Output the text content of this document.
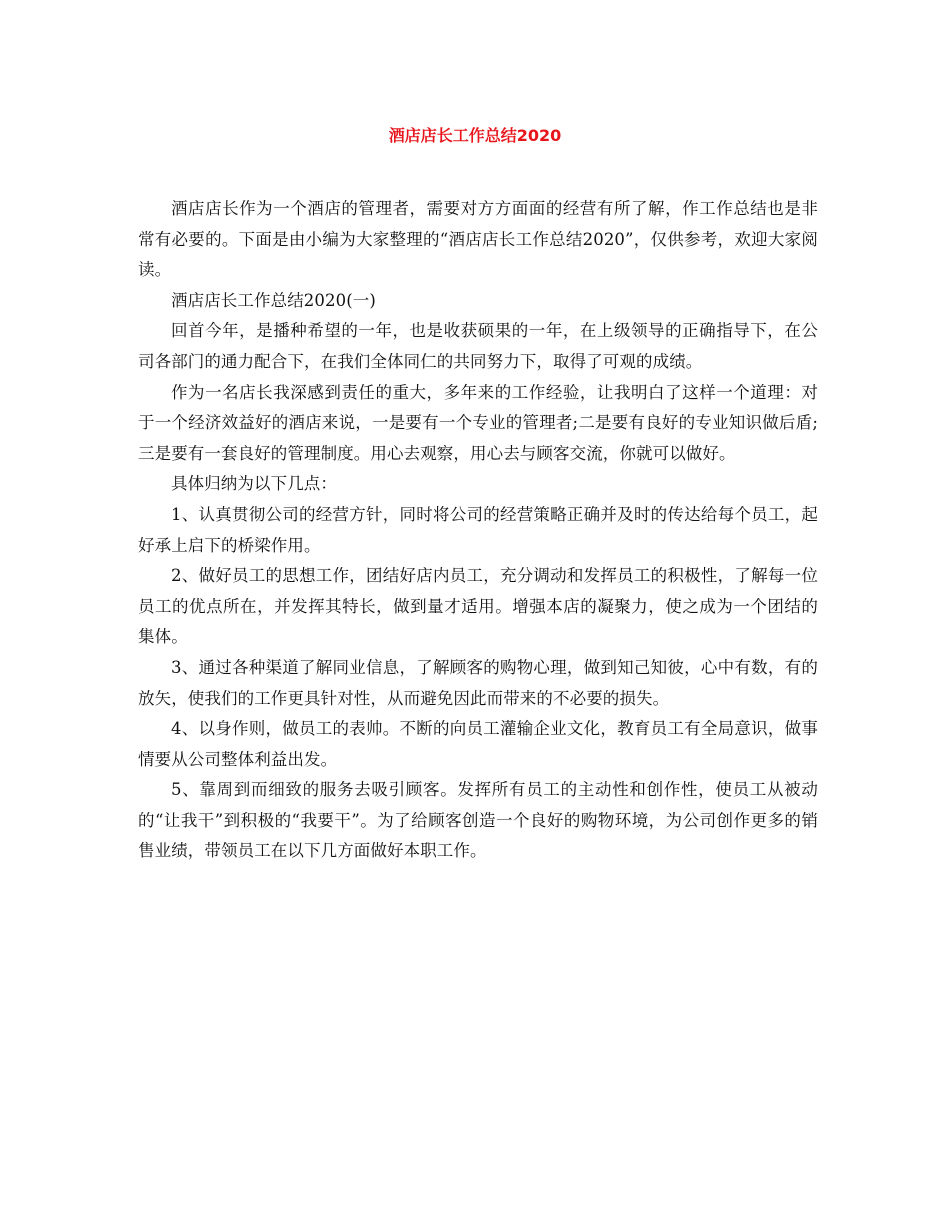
酒店店长工作总结2020

酒店店长作为一个酒店的管理者，需要对方方面面的经营有所了解，作工作总结也是非常有必要的。下面是由小编为大家整理的“酒店店长工作总结2020”，仅供参考，欢迎大家阅读。

酒店店长工作总结2020(一)

回首今年，是播种希望的一年，也是收获硕果的一年，在上级领导的正确指导下，在公司各部门的通力配合下，在我们全体同仁的共同努力下，取得了可观的成绩。

作为一名店长我深感到责任的重大，多年来的工作经验，让我明白了这样一个道理：对于一个经济效益好的酒店来说，一是要有一个专业的管理者;二是要有良好的专业知识做后盾;三是要有一套良好的管理制度。用心去观察，用心去与顾客交流，你就可以做好。

具体归纳为以下几点：

1、认真贯彻公司的经营方针，同时将公司的经营策略正确并及时的传达给每个员工，起好承上启下的桥梁作用。

2、做好员工的思想工作，团结好店内员工，充分调动和发挥员工的积极性，了解每一位员工的优点所在，并发挥其特长，做到量才适用。增强本店的凝聚力，使之成为一个团结的集体。

3、通过各种渠道了解同业信息，了解顾客的购物心理，做到知己知彼，心中有数，有的放矢，使我们的工作更具针对性，从而避免因此而带来的不必要的损失。

4、以身作则，做员工的表帅。不断的向员工灌输企业文化，教育员工有全局意识，做事情要从公司整体利益出发。

5、靠周到而细致的服务去吸引顾客。发挥所有员工的主动性和创作性，使员工从被动的“让我干”到积极的“我要干”。为了给顾客创造一个良好的购物环境，为公司创作更多的销售业绩，带领员工在以下几方面做好本职工作。
